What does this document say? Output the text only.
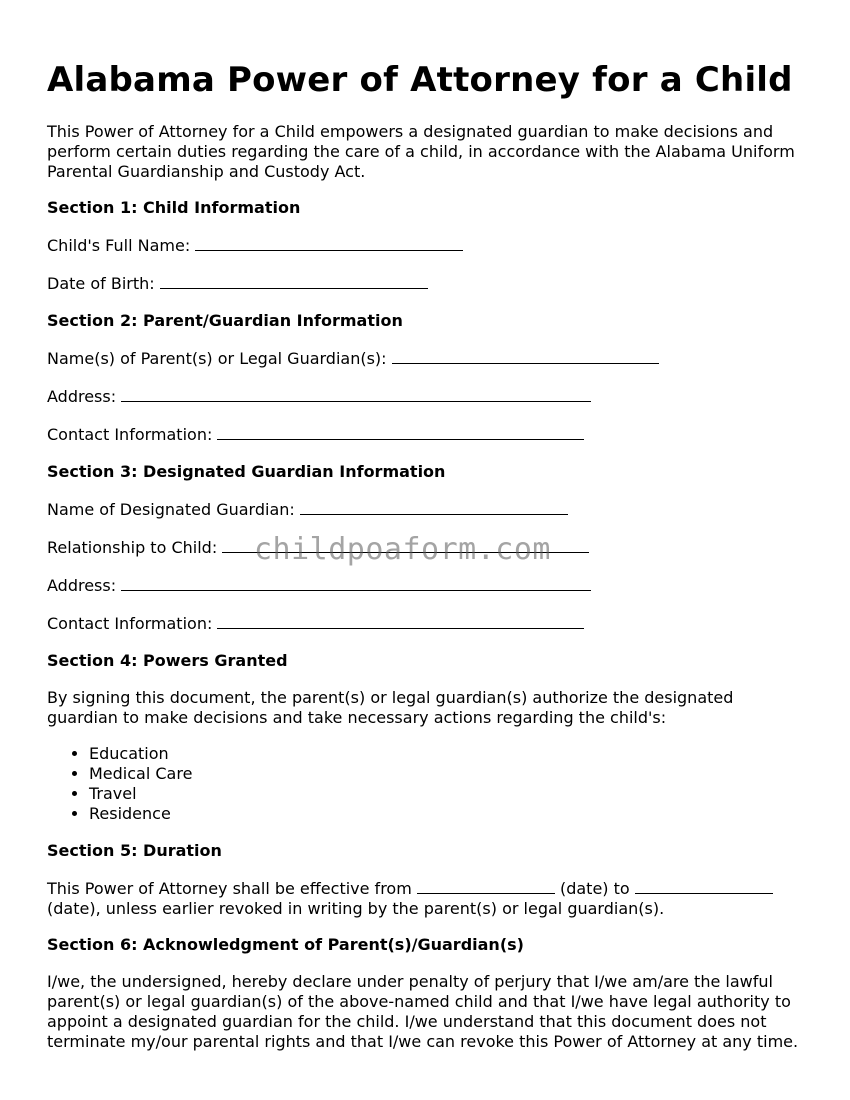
Alabama Power of Attorney for a Child

This Power of Attorney for a Child empowers a designated guardian to make decisions and perform certain duties regarding the care of a child, in accordance with the Alabama Uniform Parental Guardianship and Custody Act.

Section 1: Child Information
Child's Full Name:
Date of Birth:
Section 2: Parent/Guardian Information
Name(s) of Parent(s) or Legal Guardian(s):
Address:
Contact Information:
Section 3: Designated Guardian Information
Name of Designated Guardian:
Relationship to Child:
Address:
Contact Information:
Section 4: Powers Granted

By signing this document, the parent(s) or legal guardian(s) authorize the designated guardian to make decisions and take necessary actions regarding the child's:

• Education
• Medical Care
• Travel
• Residence
Section 5: Duration

This Power of Attorney shall be effective from	(date) to  (date), unless earlier revoked in writing by the parent(s) or legal guardian(s).

Section 6: Acknowledgment of Parent(s)/Guardian(s)

I/we, the undersigned, hereby declare under penalty of perjury that I/we am/are the lawful parent(s) or legal guardian(s) of the above-named child and that I/we have legal authority to appoint a designated guardian for the child. I/we understand that this document does not terminate my/our parental rights and that I/we can revoke this Power of Attorney at any time.

childpoaform.com
